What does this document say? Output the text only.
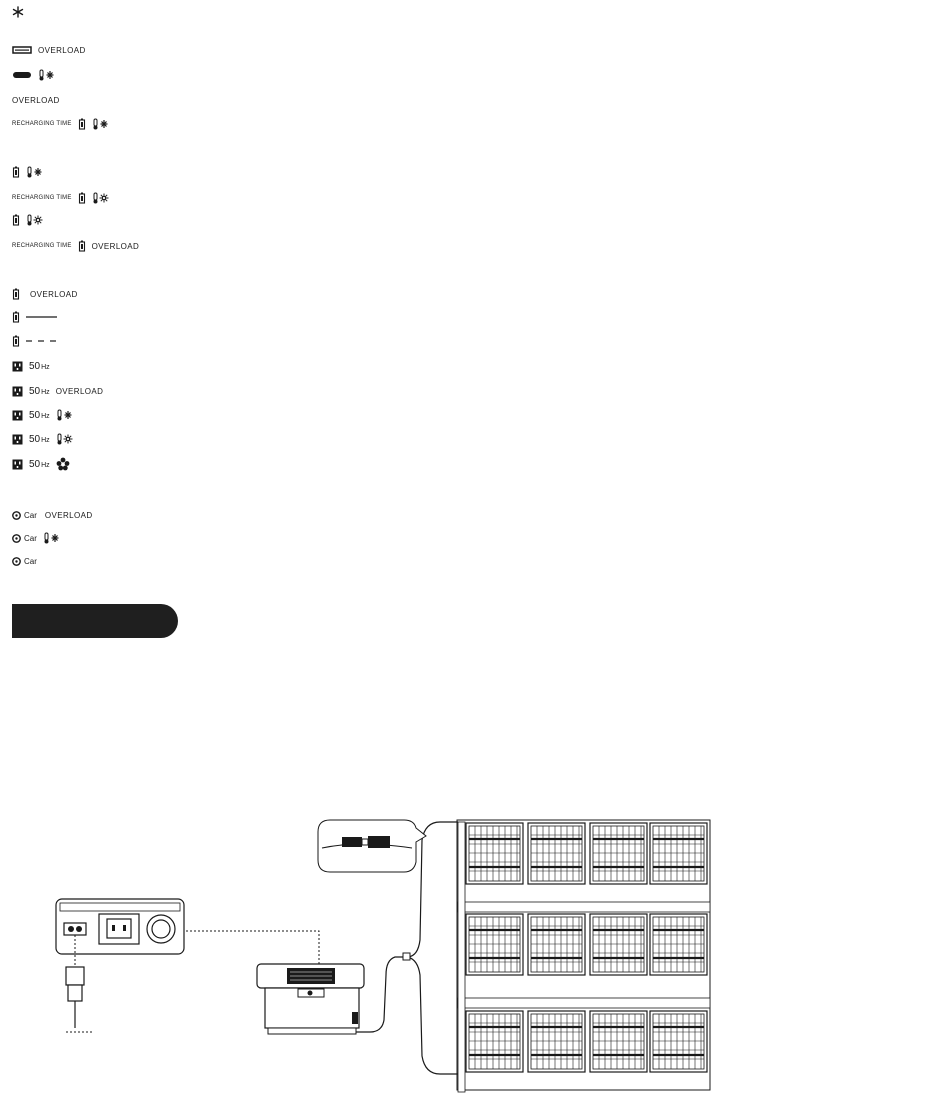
OVERLOAD
OVERLOAD
RECHARGING TIME
RECHARGING TIME
RECHARGING TIME	OVERLOAD
OVERLOAD
50 Hz
50 Hz OVERLOAD
50 Hz
50 Hz
50 Hz
Car OVERLOAD
Car
Car
